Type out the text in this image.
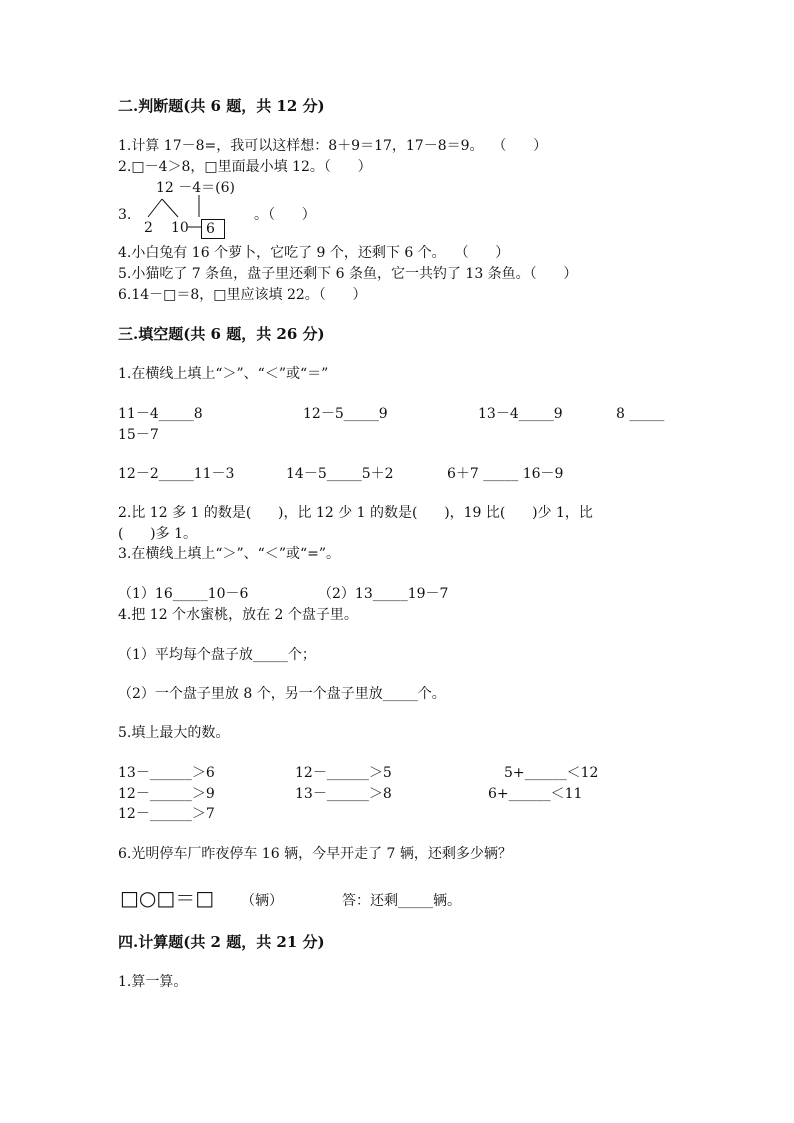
二.判断题(共 6 题，共 12 分)
1.计算 17－8=，我可以这样想：8＋9＝17，17－8＝9。  （      ）
2.□－4＞8，□里面最小填 12。（      ）
12 －4＝(6)
3.
2 10 6
。（      ）
4.小白兔有 16 个萝卜，它吃了 9 个，还剩下 6 个。  （      ）
5.小猫吃了 7 条鱼，盘子里还剩下 6 条鱼，它一共钓了 13 条鱼。（      ）
6.14－□＝8，□里应该填 22。（      ）
三.填空题(共 6 题，共 26 分)
1.在横线上填上“＞”、“＜”或“＝”
11－4_____8	12－5_____9	13－4_____9	8 _____
15－7
12－2_____11－3	14－5_____5＋2	6＋7 _____ 16－9
2.比 12 多 1 的数是(      )，比 12 少 1 的数是(      )，19 比(      )少 1，比
(      )多 1。
3.在横线上填上“＞”、“＜”或“=”。
（1）16_____10－6	（2）13_____19－7
4.把 12 个水蜜桃，放在 2 个盘子里。
（1）平均每个盘子放_____个；
（2）一个盘子里放 8 个，另一个盘子里放_____个。
5.填上最大的数。
13－______＞6	12－______＞5	5+______＜12
12－______＞9	13－______＞8	6+______＜11
12－______＞7
6.光明停车厂昨夜停车 16 辆，今早开走了 7 辆，还剩多少辆？
□○□＝□ （辆）	答：还剩_____辆。
四.计算题(共 2 题，共 21 分)
1.算一算。
